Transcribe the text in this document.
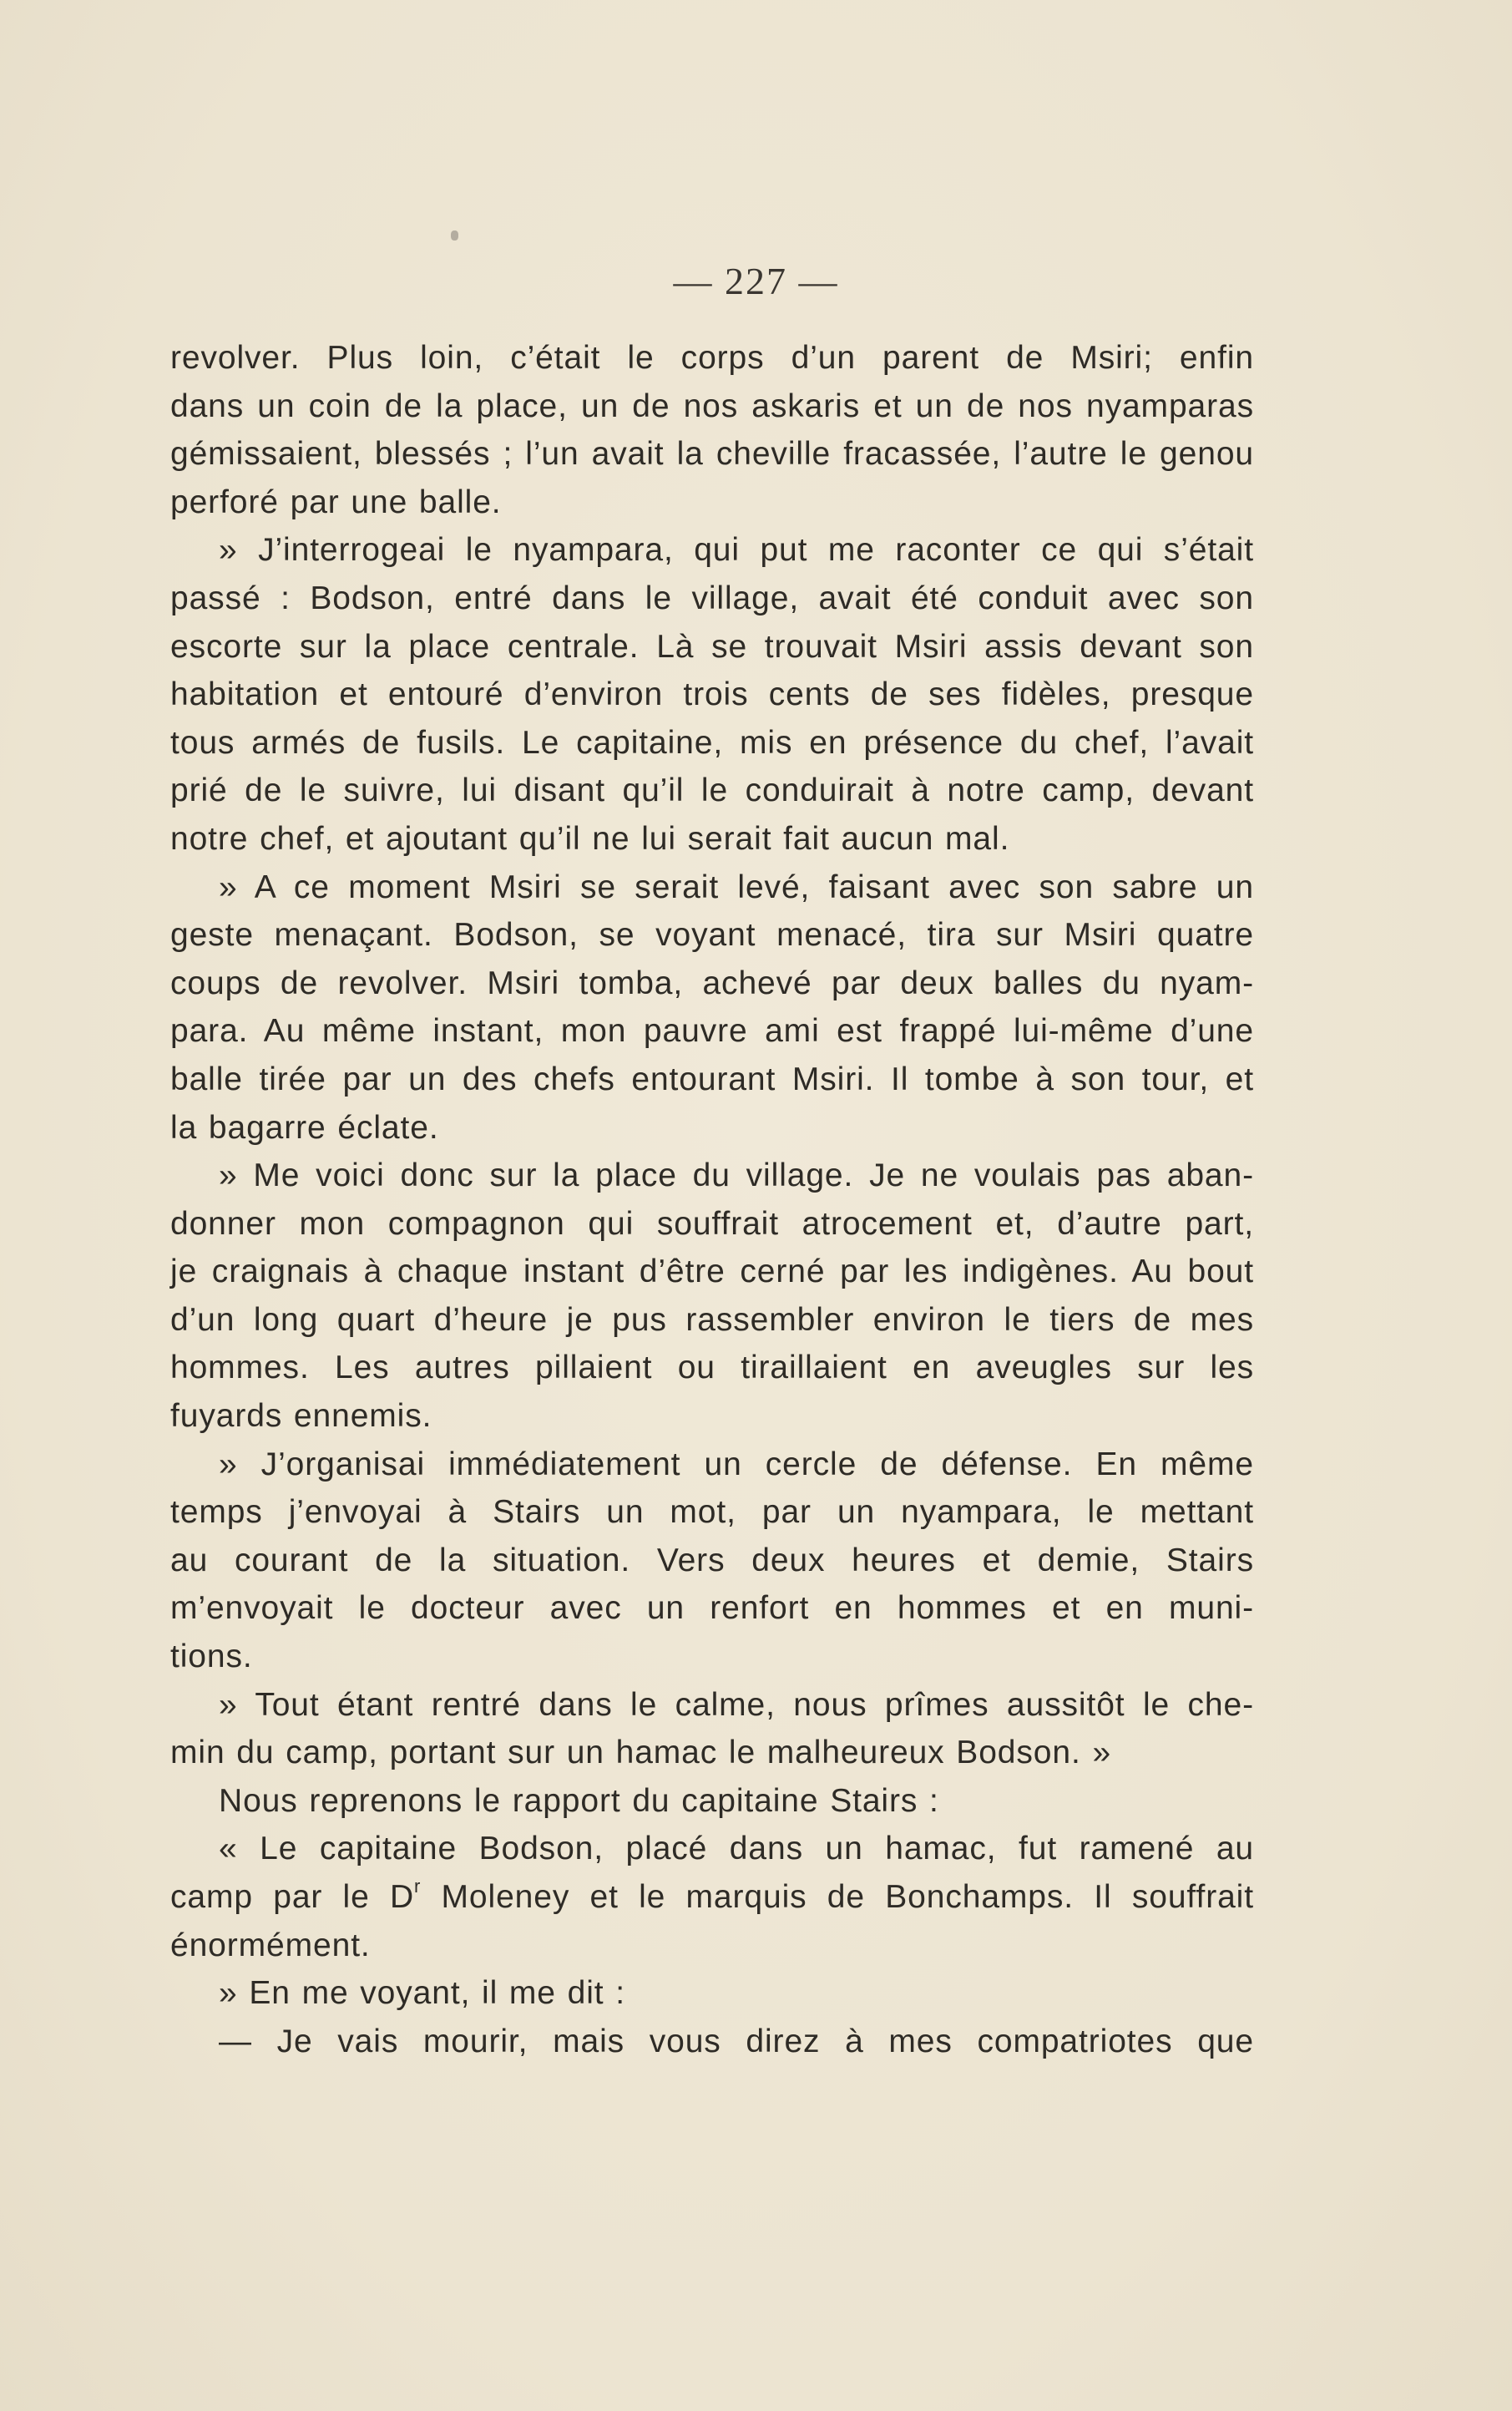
— 227 —
revolver. Plus loin, c’était le corps d’un parent de Msiri; enfin
dans un coin de la place, un de nos askaris et un de nos nyamparas
gémissaient, blessés ; l’un avait la cheville fracassée, l’autre le genou
perforé par une balle.
» J’interrogeai le nyampara, qui put me raconter ce qui s’était
passé : Bodson, entré dans le village, avait été conduit avec son
escorte sur la place centrale. Là se trouvait Msiri assis devant son
habitation et entouré d’environ trois cents de ses fidèles, presque
tous armés de fusils. Le capitaine, mis en présence du chef, l’avait
prié de le suivre, lui disant qu’il le conduirait à notre camp, devant
notre chef, et ajoutant qu’il ne lui serait fait aucun mal.
» A ce moment Msiri se serait levé, faisant avec son sabre un
geste menaçant. Bodson, se voyant menacé, tira sur Msiri quatre
coups de revolver. Msiri tomba, achevé par deux balles du nyam-
para. Au même instant, mon pauvre ami est frappé lui-même d’une
balle tirée par un des chefs entourant Msiri. Il tombe à son tour, et
la bagarre éclate.
» Me voici donc sur la place du village. Je ne voulais pas aban-
donner mon compagnon qui souffrait atrocement et, d’autre part,
je craignais à chaque instant d’être cerné par les indigènes. Au bout
d’un long quart d’heure je pus rassembler environ le tiers de mes
hommes. Les autres pillaient ou tiraillaient en aveugles sur les
fuyards ennemis.
» J’organisai immédiatement un cercle de défense. En même
temps j’envoyai à Stairs un mot, par un nyampara, le mettant
au courant de la situation. Vers deux heures et demie, Stairs
m’envoyait le docteur avec un renfort en hommes et en muni-
tions.
» Tout étant rentré dans le calme, nous prîmes aussitôt le che-
min du camp, portant sur un hamac le malheureux Bodson. »
Nous reprenons le rapport du capitaine Stairs :
« Le capitaine Bodson, placé dans un hamac, fut ramené au
camp par le $D^r$ Moleney et le marquis de Bonchamps. Il souffrait
énormément.
» En me voyant, il me dit :
— Je vais mourir, mais vous direz à mes compatriotes que
